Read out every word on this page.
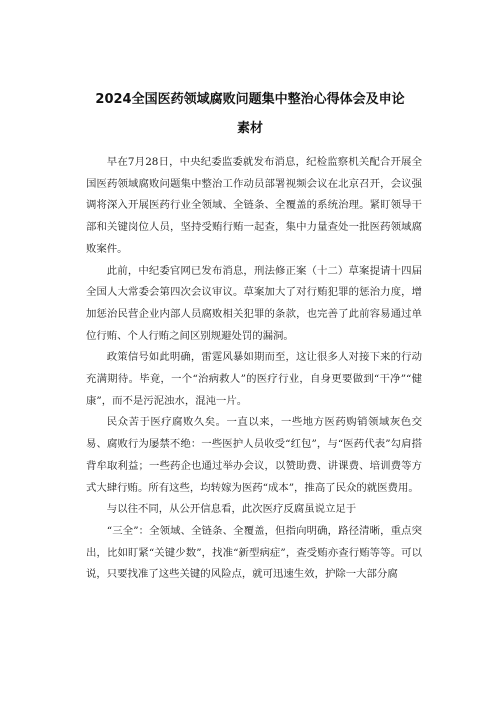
2024全国医药领域腐败问题集中整治心得体会及申论
素材

早在7月28日，中央纪委监委就发布消息，纪检监察机关配合开展全国医药领域腐败问题集中整治工作动员部署视频会议在北京召开，会议强调将深入开展医药行业全领域、全链条、全覆盖的系统治理。紧盯领导干部和关键岗位人员，坚持受贿行贿一起查，集中力量查处一批医药领域腐败案件。

此前，中纪委官网已发布消息，刑法修正案（十二）草案提请十四届全国人大常委会第四次会议审议。草案加大了对行贿犯罪的惩治力度，增加惩治民营企业内部人员腐败相关犯罪的条款，也完善了此前容易通过单位行贿、个人行贿之间区别规避处罚的漏洞。

政策信号如此明确，雷霆风暴如期而至，这让很多人对接下来的行动充满期待。毕竟，一个“治病救人”的医疗行业，自身更要做到“干净”“健康”，而不是污泥浊水，混沌一片。

民众苦于医疗腐败久矣。一直以来，一些地方医药购销领域灰色交易、腐败行为屡禁不绝：一些医护人员收受“红包”，与“医药代表”勾肩搭背牟取利益；一些药企也通过举办会议，以赞助费、讲课费、培训费等方式大肆行贿。所有这些，均转嫁为医药“成本”，推高了民众的就医费用。

与以往不同，从公开信息看，此次医疗反腐虽说立足于

“三全”：全领域、全链条、全覆盖，但指向明确，路径清晰，重点突出，比如盯紧“关键少数”，找准“新型病症”，查受贿亦查行贿等等。可以说，只要找准了这些关键的风险点，就可迅速生效，护除一大部分腐
